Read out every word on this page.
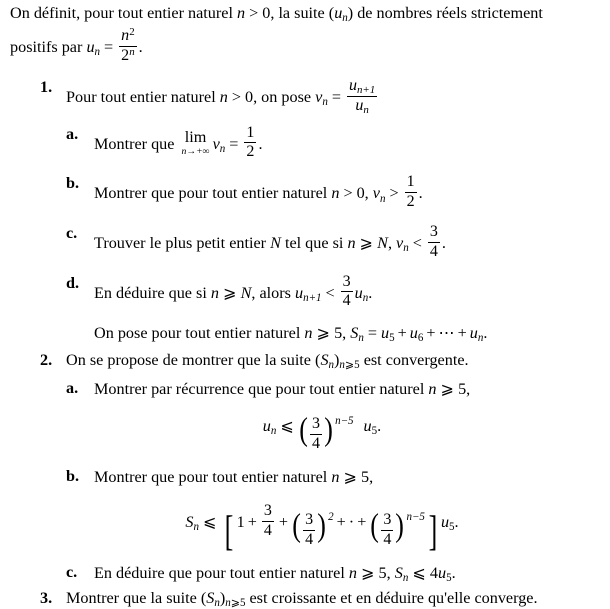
On définit, pour tout entier naturel n > 0, la suite $(u_n)$ de nombres réels strictement
positifs par $u_n = \frac{n^2}{2^n}$ .
1.
Pour tout entier naturel n > 0, on pose $v_n = \frac{u_{n+1}}{u_n}$
a.
Montrer que lim
n→+∞ $v_n = \frac{1}{2}$ .
b.
Montrer que pour tout entier naturel n > 0, $v_n > \frac{1}{2}$ .
c.
Trouver le plus petit entier N tel que si n ⩾ N, $v_n < \frac{3}{4}$ .
d.
En déduire que si n ⩾ N, alors $u_{n+1} < \frac{3}{4} u_n$.
On pose pour tout entier naturel n ⩾ 5, $S_n = u_5 + u_6$ + ⋯ + $u_n$.
2. On se propose de montrer que la suite $(S_n)_{n⩾5}$ est convergente.
a. Montrer par récurrence que pour tout entier naturel n ⩾ 5,
$u_n$ ⩽ ( $\frac{3}{4}$ ) n−5 $u_5$.
b. Montrer que pour tout entier naturel n ⩾ 5,
$S_n$ ⩽ [ $1 + \frac{3}{4}$ + ( $\frac{3}{4}$ ) 2 + · + ( $\frac{3}{4}$ ) n−5] $u_5$.
c. En déduire que pour tout entier naturel n ⩾ 5, $S_n$ ⩽ $4u_5$.
3. Montrer que la suite $(S_n)_{n⩾5}$ est croissante et en déduire qu'elle converge.
